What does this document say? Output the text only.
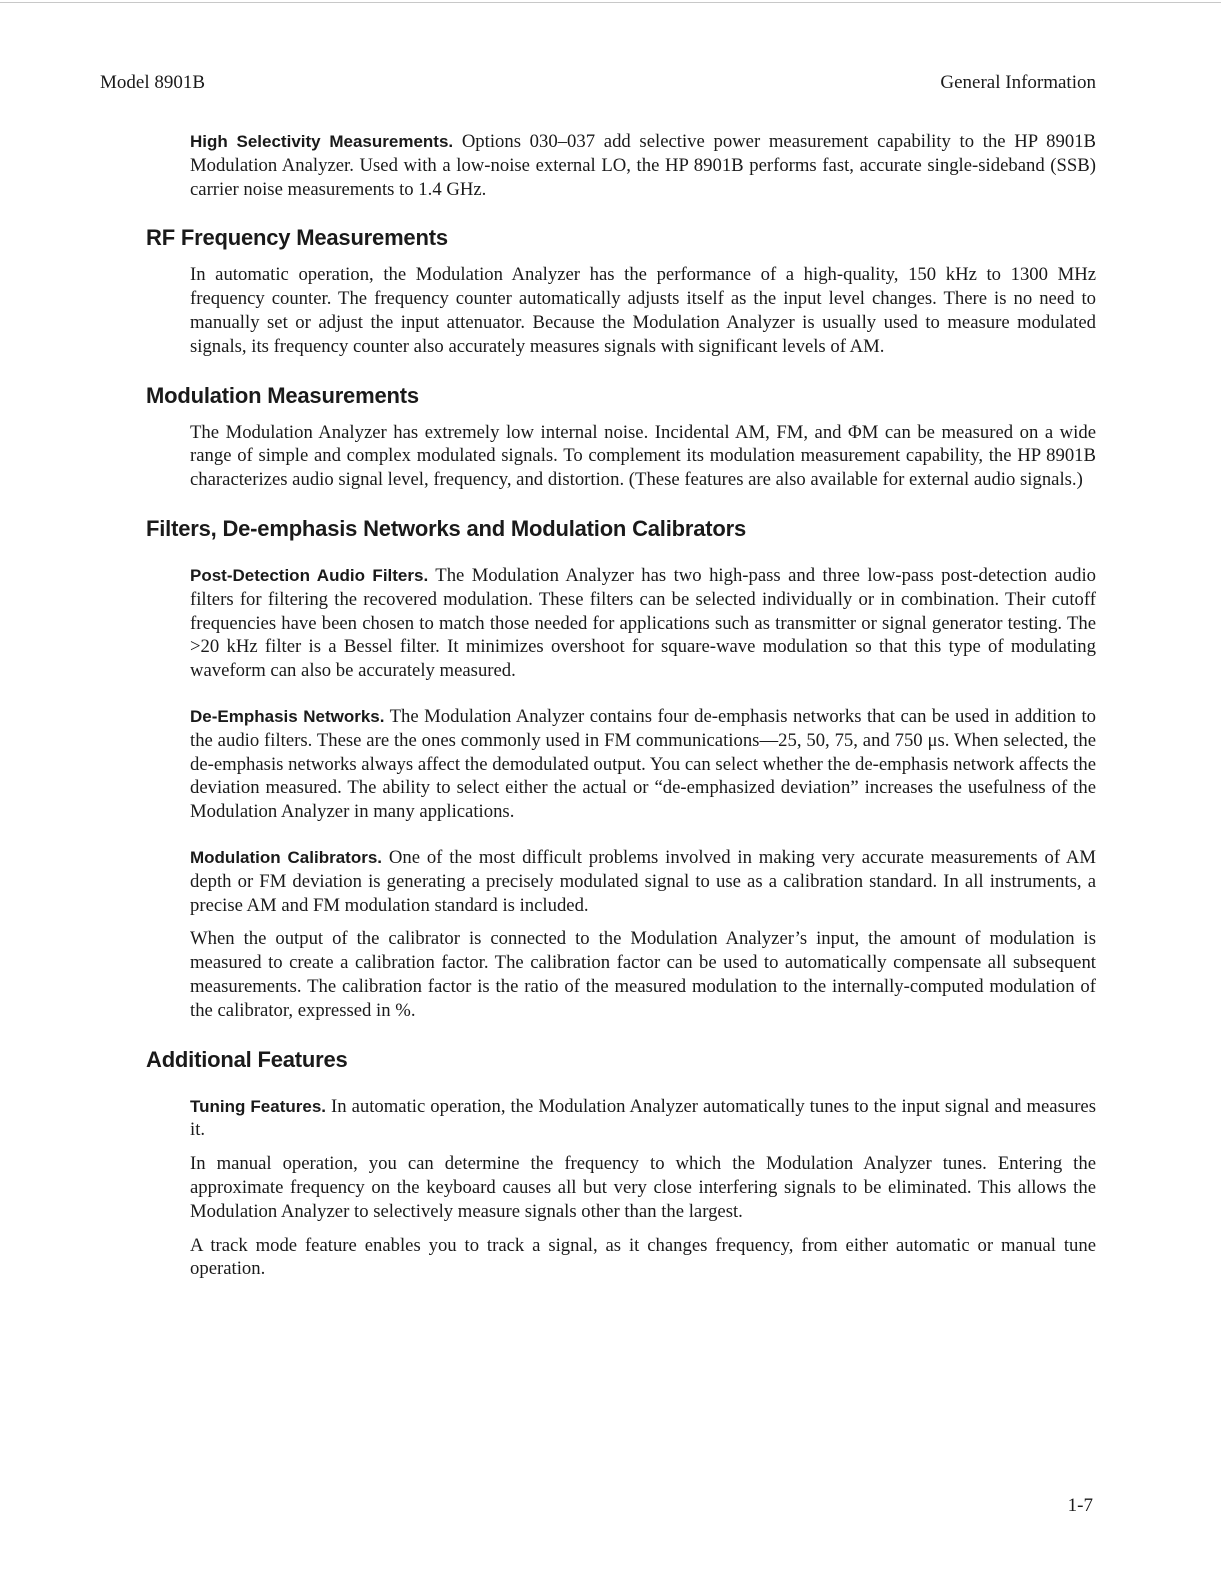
Model 8901B	General Information

High Selectivity Measurements. Options 030–037 add selective power measurement capability to the HP 8901B Modulation Analyzer. Used with a low-noise external LO, the HP 8901B performs fast, accurate single-sideband (SSB) carrier noise measurements to 1.4 GHz.

RF Frequency Measurements

In automatic operation, the Modulation Analyzer has the performance of a high-quality, 150 kHz to 1300 MHz frequency counter. The frequency counter automatically adjusts itself as the input level changes. There is no need to manually set or adjust the input attenuator. Because the Modulation Analyzer is usually used to measure modulated signals, its frequency counter also accurately measures signals with significant levels of AM.

Modulation Measurements

The Modulation Analyzer has extremely low internal noise. Incidental AM, FM, and ΦM can be measured on a wide range of simple and complex modulated signals. To complement its modulation measurement capability, the HP 8901B characterizes audio signal level, frequency, and distortion. (These features are also available for external audio signals.)

Filters, De-emphasis Networks and Modulation Calibrators

Post-Detection Audio Filters. The Modulation Analyzer has two high-pass and three low-pass post-detection audio filters for filtering the recovered modulation. These filters can be selected individually or in combination. Their cutoff frequencies have been chosen to match those needed for applications such as transmitter or signal generator testing. The >20 kHz filter is a Bessel filter. It minimizes overshoot for square-wave modulation so that this type of modulating waveform can also be accurately measured.

De-Emphasis Networks. The Modulation Analyzer contains four de-emphasis networks that can be used in addition to the audio filters. These are the ones commonly used in FM communications—25, 50, 75, and 750 μs. When selected, the de-emphasis networks always affect the demodulated output. You can select whether the de-emphasis network affects the deviation measured. The ability to select either the actual or “de-emphasized deviation” increases the usefulness of the Modulation Analyzer in many applications.

Modulation Calibrators. One of the most difficult problems involved in making very accurate measurements of AM depth or FM deviation is generating a precisely modulated signal to use as a calibration standard. In all instruments, a precise AM and FM modulation standard is included.

When the output of the calibrator is connected to the Modulation Analyzer’s input, the amount of modulation is measured to create a calibration factor. The calibration factor can be used to automatically compensate all subsequent measurements. The calibration factor is the ratio of the measured modulation to the internally-computed modulation of the calibrator, expressed in %.

Additional Features

Tuning Features. In automatic operation, the Modulation Analyzer automatically tunes to the input signal and measures it.

In manual operation, you can determine the frequency to which the Modulation Analyzer tunes. Entering the approximate frequency on the keyboard causes all but very close interfering signals to be eliminated. This allows the Modulation Analyzer to selectively measure signals other than the largest.

A track mode feature enables you to track a signal, as it changes frequency, from either automatic or manual tune operation.

1-7
